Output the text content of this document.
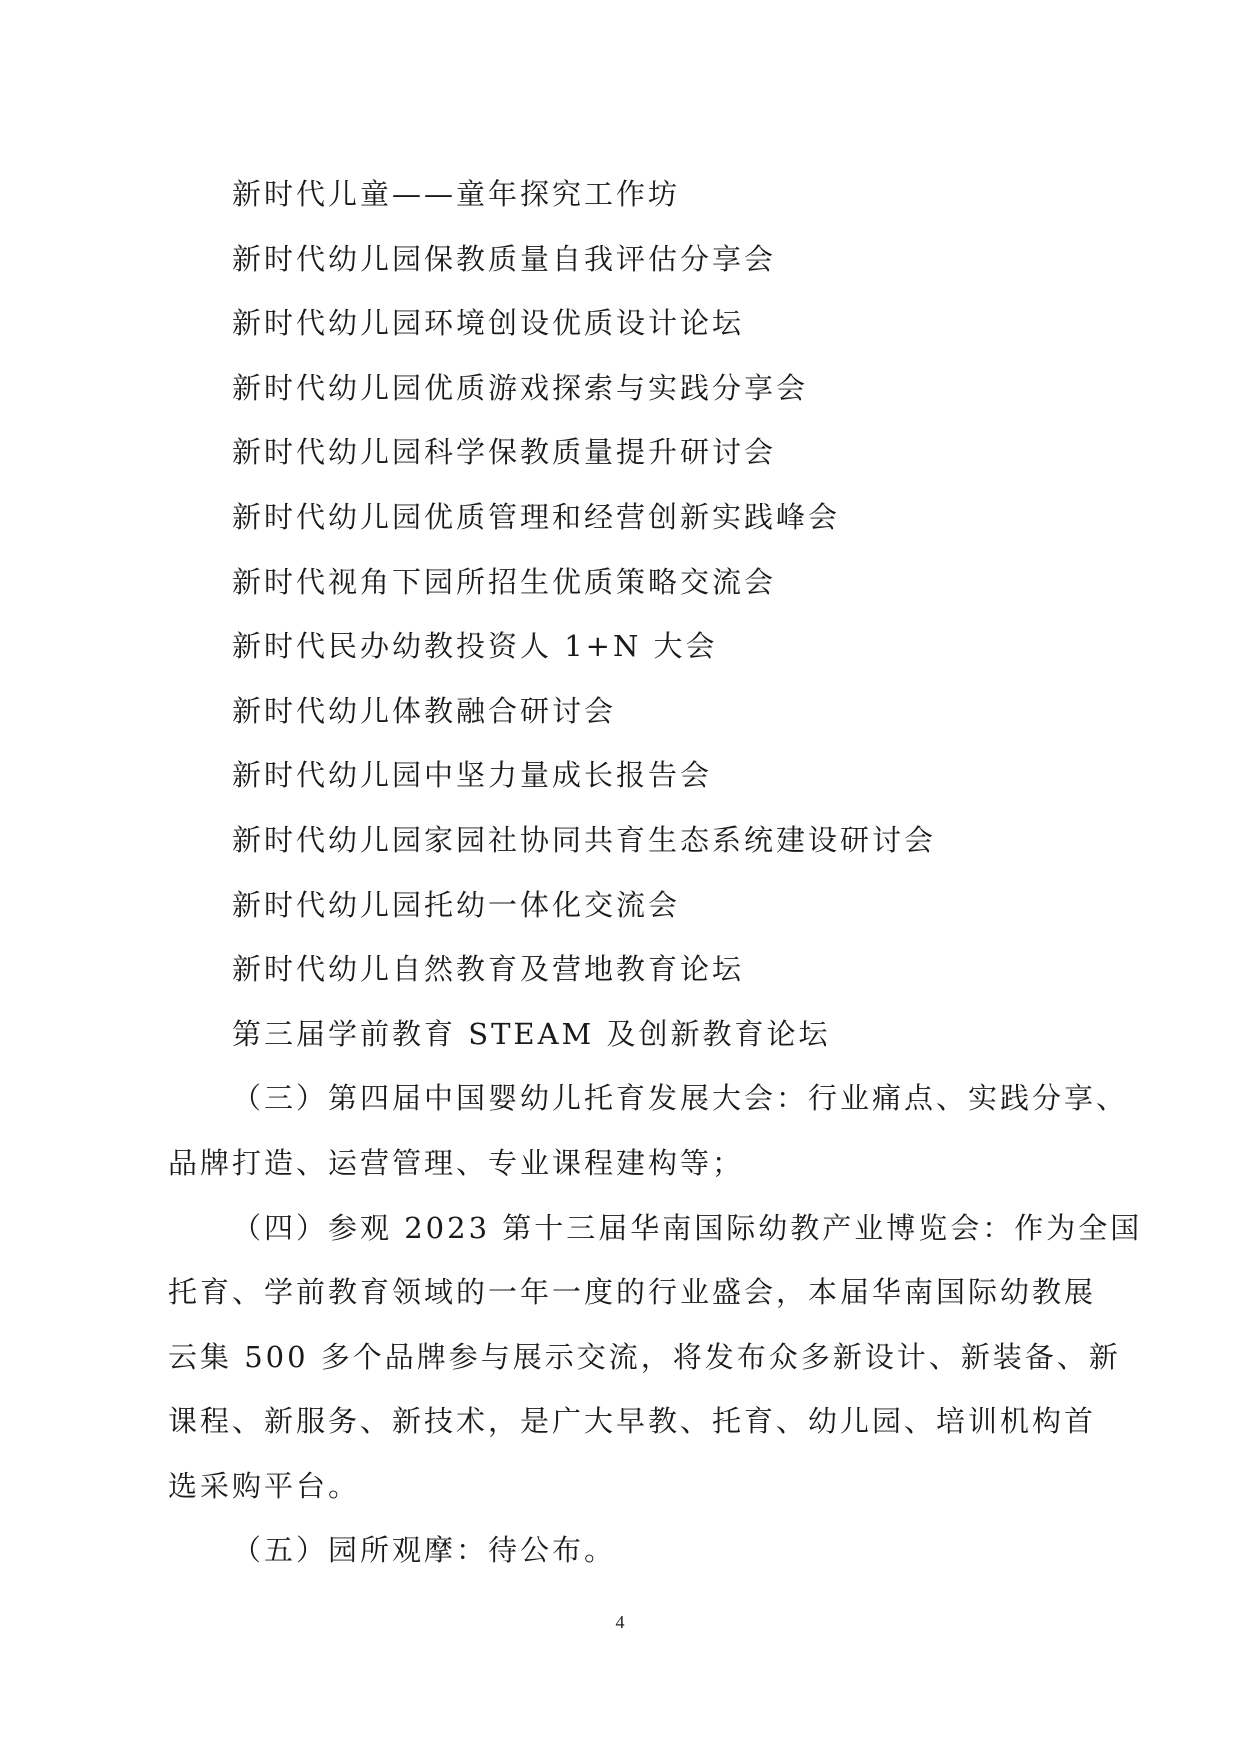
新时代儿童——童年探究工作坊
新时代幼儿园保教质量自我评估分享会
新时代幼儿园环境创设优质设计论坛
新时代幼儿园优质游戏探索与实践分享会
新时代幼儿园科学保教质量提升研讨会
新时代幼儿园优质管理和经营创新实践峰会
新时代视角下园所招生优质策略交流会
新时代民办幼教投资人 1+N 大会
新时代幼儿体教融合研讨会
新时代幼儿园中坚力量成长报告会
新时代幼儿园家园社协同共育生态系统建设研讨会
新时代幼儿园托幼一体化交流会
新时代幼儿自然教育及营地教育论坛
第三届学前教育 STEAM 及创新教育论坛
（三）第四届中国婴幼儿托育发展大会：行业痛点、实践分享、
品牌打造、运营管理、专业课程建构等；
（四）参观 2023 第十三届华南国际幼教产业博览会：作为全国
托育、学前教育领域的一年一度的行业盛会，本届华南国际幼教展
云集 500 多个品牌参与展示交流，将发布众多新设计、新装备、新
课程、新服务、新技术，是广大早教、托育、幼儿园、培训机构首
选采购平台。
（五）园所观摩：待公布。
4
